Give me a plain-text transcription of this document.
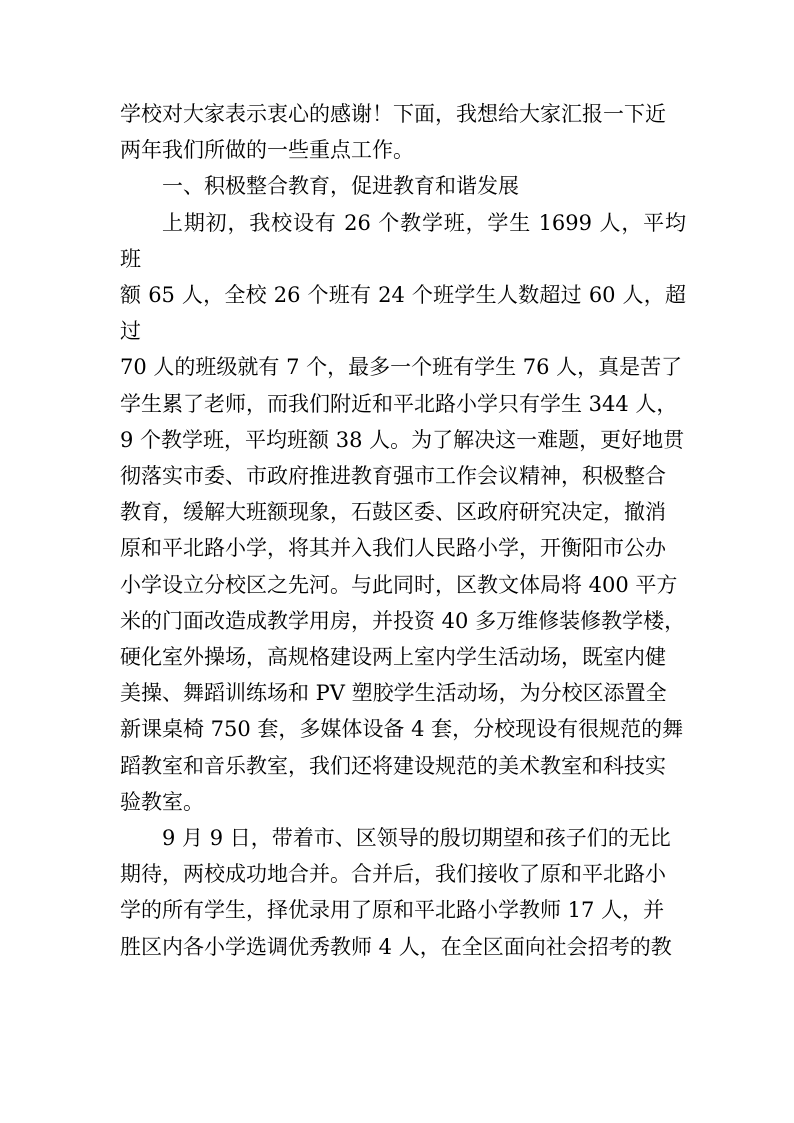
学校对大家表示衷心的感谢！下面，我想给大家汇报一下近
两年我们所做的一些重点工作。

一、积极整合教育，促进教育和谐发展

上期初，我校设有 26 个教学班，学生 1699 人，平均班
额 65 人，全校 26 个班有 24 个班学生人数超过 60 人，超过
70 人的班级就有 7 个，最多一个班有学生 76 人，真是苦了
学生累了老师，而我们附近和平北路小学只有学生 344 人，
9 个教学班，平均班额 38 人。为了解决这一难题，更好地贯
彻落实市委、市政府推进教育强市工作会议精神，积极整合
教育，缓解大班额现象，石鼓区委、区政府研究决定，撤消
原和平北路小学，将其并入我们人民路小学，开衡阳市公办
小学设立分校区之先河。与此同时，区教文体局将 400 平方
米的门面改造成教学用房，并投资 40 多万维修装修教学楼，
硬化室外操场，高规格建设两上室内学生活动场，既室内健
美操、舞蹈训练场和 PV 塑胶学生活动场，为分校区添置全
新课桌椅 750 套，多媒体设备 4 套，分校现设有很规范的舞
蹈教室和音乐教室，我们还将建设规范的美术教室和科技实
验教室。

9 月 9 日，带着市、区领导的殷切期望和孩子们的无比
期待，两校成功地合并。合并后，我们接收了原和平北路小
学的所有学生，择优录用了原和平北路小学教师 17 人，并
胜区内各小学选调优秀教师 4 人，在全区面向社会招考的教
